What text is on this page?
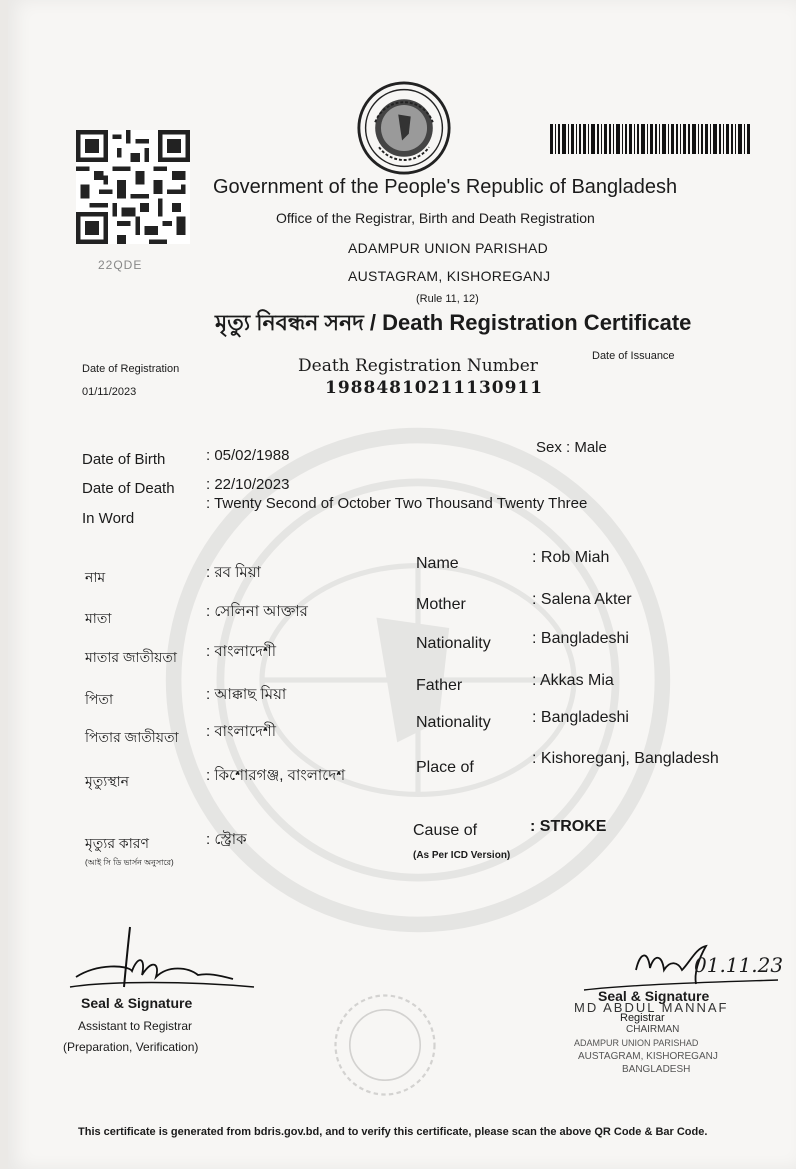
22QDE
Government of the People's Republic of Bangladesh
Office of the Registrar, Birth and Death Registration
ADAMPUR UNION PARISHAD
AUSTAGRAM, KISHOREGANJ
(Rule 11, 12)
মৃত্যু নিবন্ধন সনদ / Death Registration Certificate
Date of Registration
01/11/2023
Death Registration Number
19884810211130911
Date of Issuance
Date of Birth	: 05/02/1988	Sex : Male
Date of Death : 22/10/2023
In Word
: Twenty Second of October Two Thousand Twenty Three
নাম	: রব মিয়া
মাতা	: সেলিনা আক্তার
মাতার জাতীয়তা : বাংলাদেশী
পিতা	: আক্কাছ মিয়া
পিতার জাতীয়তা : বাংলাদেশী
মৃত্যুস্থান	: কিশোরগঞ্জ, বাংলাদেশ
মৃত্যুর কারণ	: স্ট্রোক
(আই সি ডি ভার্সন অনুসারে)
Name	: Rob Miah
Mother	: Salena Akter
Nationality	: Bangladeshi
Father	: Akkas Mia
Nationality	: Bangladeshi
Place of
: Kishoreganj, Bangladesh
Cause of	: STROKE
(As Per ICD Version)
Seal & Signature
Assistant to Registrar
(Preparation, Verification)

01.11.23
Seal & Signature
Registrar
MD ABDUL MANNAF
CHAIRMAN
ADAMPUR UNION PARISHAD
AUSTAGRAM, KISHOREGANJ
BANGLADESH
This certificate is generated from bdris.gov.bd, and to verify this certificate, please scan the above QR Code & Bar Code.
